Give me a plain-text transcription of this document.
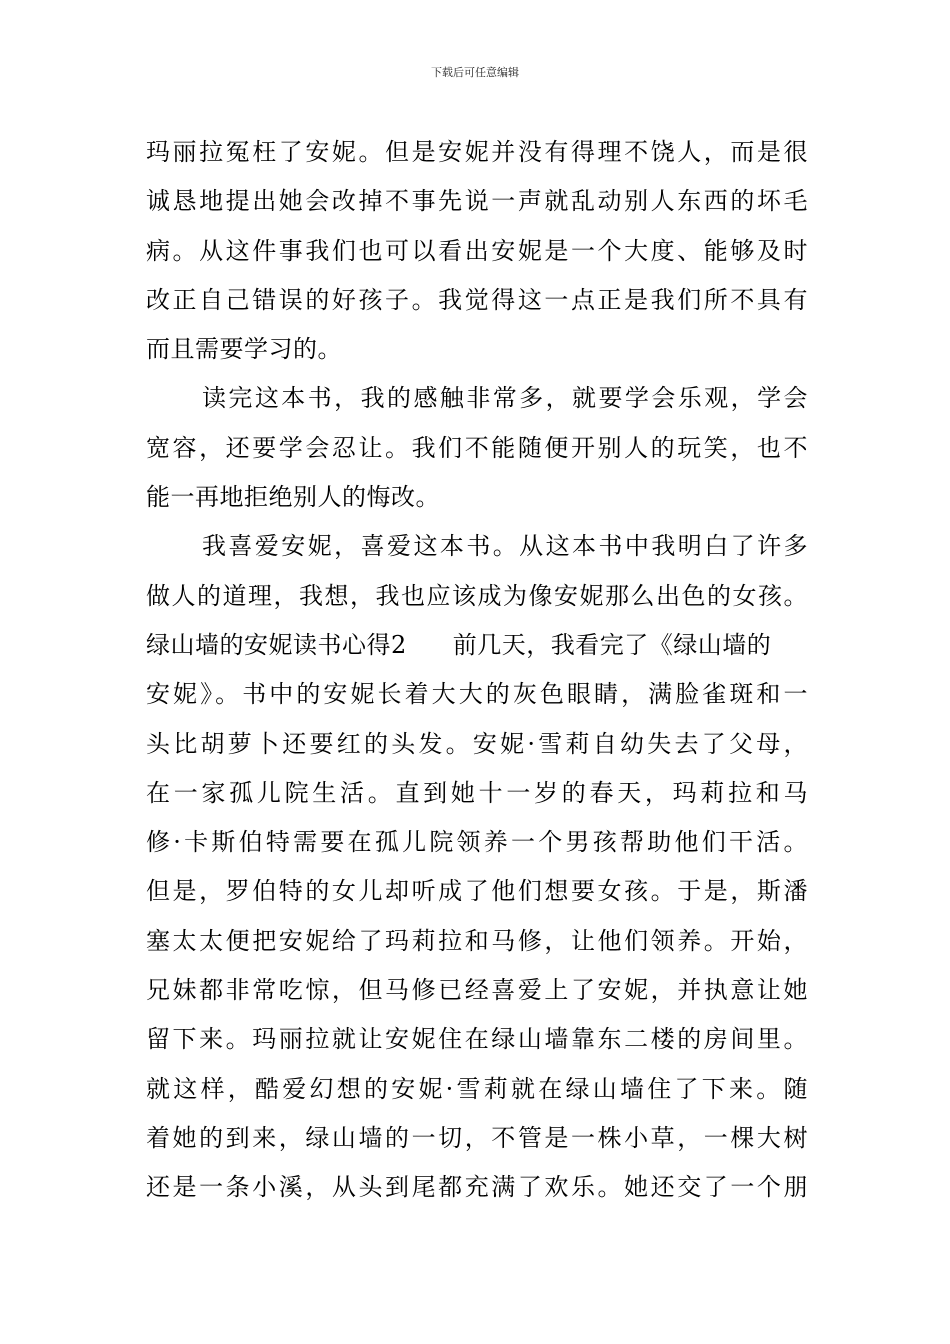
下载后可任意编辑
玛丽拉冤枉了安妮。但是安妮并没有得理不饶人，而是很
诚恳地提出她会改掉不事先说一声就乱动别人东西的坏毛
病。从这件事我们也可以看出安妮是一个大度、能够及时
改正自己错误的好孩子。我觉得这一点正是我们所不具有
而且需要学习的。
读完这本书，我的感触非常多，就要学会乐观，学会
宽容，还要学会忍让。我们不能随便开别人的玩笑，也不
能一再地拒绝别人的悔改。
我喜爱安妮，喜爱这本书。从这本书中我明白了许多
做人的道理，我想，我也应该成为像安妮那么出色的女孩。
绿山墙的安妮读书心得2 前几天，我看完了《绿山墙的
安妮》。书中的安妮长着大大的灰色眼睛，满脸雀斑和一
头比胡萝卜还要红的头发。安妮·雪莉自幼失去了父母，
在一家孤儿院生活。直到她十一岁的春天，玛莉拉和马
修·卡斯伯特需要在孤儿院领养一个男孩帮助他们干活。
但是，罗伯特的女儿却听成了他们想要女孩。于是，斯潘
塞太太便把安妮给了玛莉拉和马修，让他们领养。开始，
兄妹都非常吃惊，但马修已经喜爱上了安妮，并执意让她
留下来。玛丽拉就让安妮住在绿山墙靠东二楼的房间里。
就这样，酷爱幻想的安妮·雪莉就在绿山墙住了下来。随
着她的到来，绿山墙的一切，不管是一株小草，一棵大树
还是一条小溪，从头到尾都充满了欢乐。她还交了一个朋
